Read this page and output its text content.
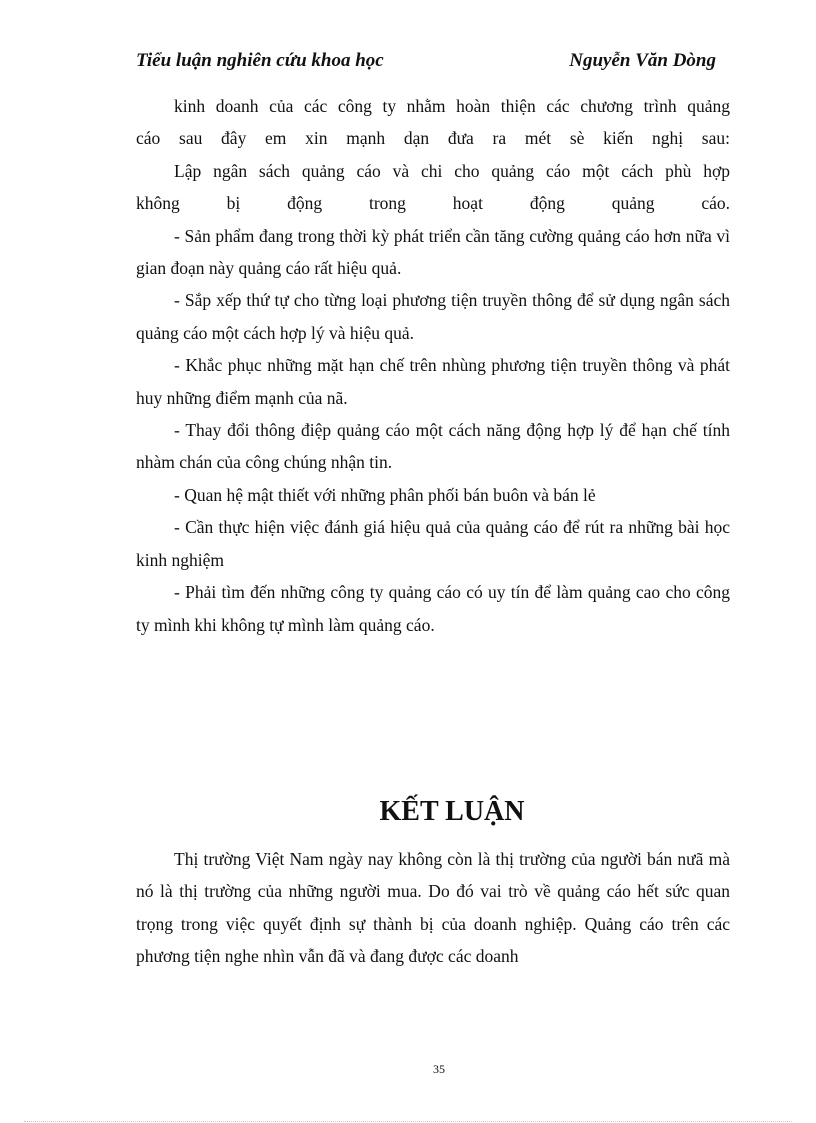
Tiểu luận nghiên cứu khoa học	Nguyễn Văn Dòng

kinh doanh của các công ty nhằm hoàn thiện các chương trình quảng

cáo sau đây em xin mạnh dạn đưa ra mét sè kiến nghị sau:

Lập ngân sách quảng cáo và chi cho quảng cáo một cách phù hợp

không bị động trong hoạt động quảng cáo.

- Sản phẩm đang trong thời kỳ phát triển cần tăng cường quảng cáo hơn nữa vì gian đoạn này quảng cáo rất hiệu quả.

- Sắp xếp thứ tự cho từng loại phương tiện truyền thông để sử dụng ngân sách quảng cáo một cách hợp lý và hiệu quả.

- Khắc phục những mặt hạn chế trên nhùng phương tiện truyền thông và phát huy những điểm mạnh của nã.

- Thay đổi thông điệp quảng cáo một cách năng động hợp lý để hạn chế tính nhàm chán của công chúng nhận tin.

- Quan hệ mật thiết với những phân phối bán buôn và bán lẻ

- Cần thực hiện việc đánh giá hiệu quả của quảng cáo để rút ra những bài học kinh nghiệm

- Phải tìm đến những công ty quảng cáo có uy tín để làm quảng cao cho công ty mình khi không tự mình làm quảng cáo.

KẾT LUẬN

Thị trường Việt Nam ngày nay không còn là thị trường của người bán nưã mà nó là thị trường của những người mua. Do đó vai trò về quảng cáo hết sức quan trọng trong việc quyết định sự thành bị của doanh nghiệp. Quảng cáo trên các phương tiện nghe nhìn vẫn đã và đang được các doanh

35
